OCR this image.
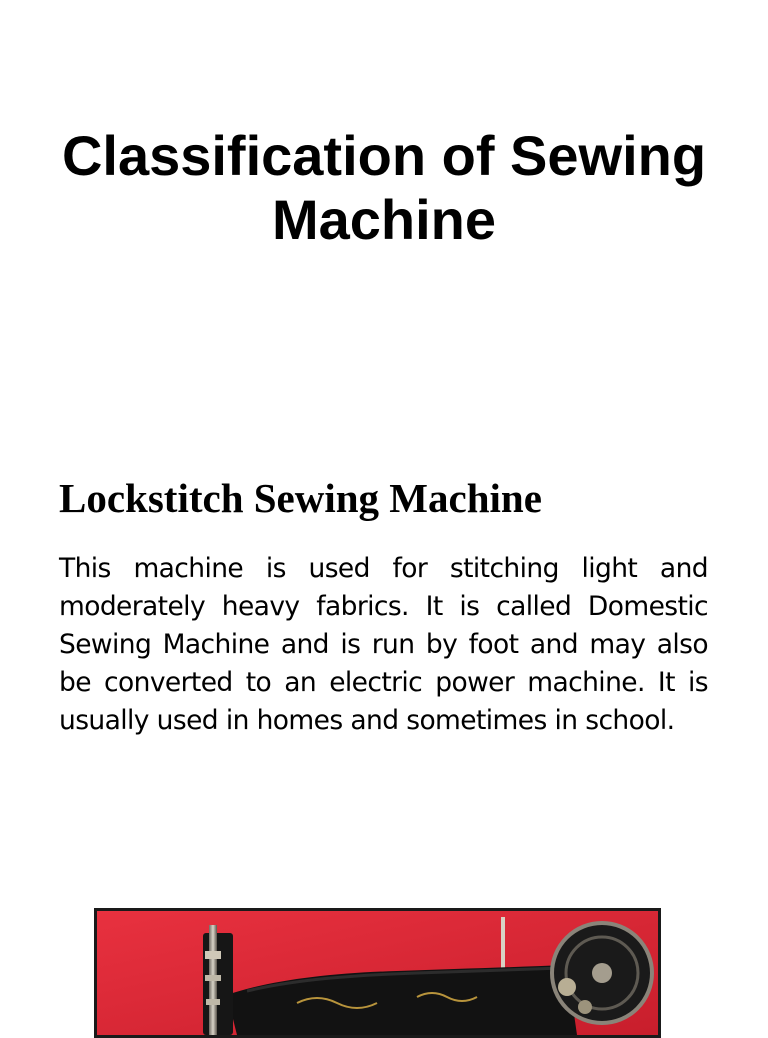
Classification of Sewing Machine
Lockstitch Sewing Machine

This machine is used for stitching light and moderately heavy fabrics. It is called Domestic Sewing Machine and is run by foot and may also be converted to an electric power machine. It is usually used in homes and sometimes in school.
